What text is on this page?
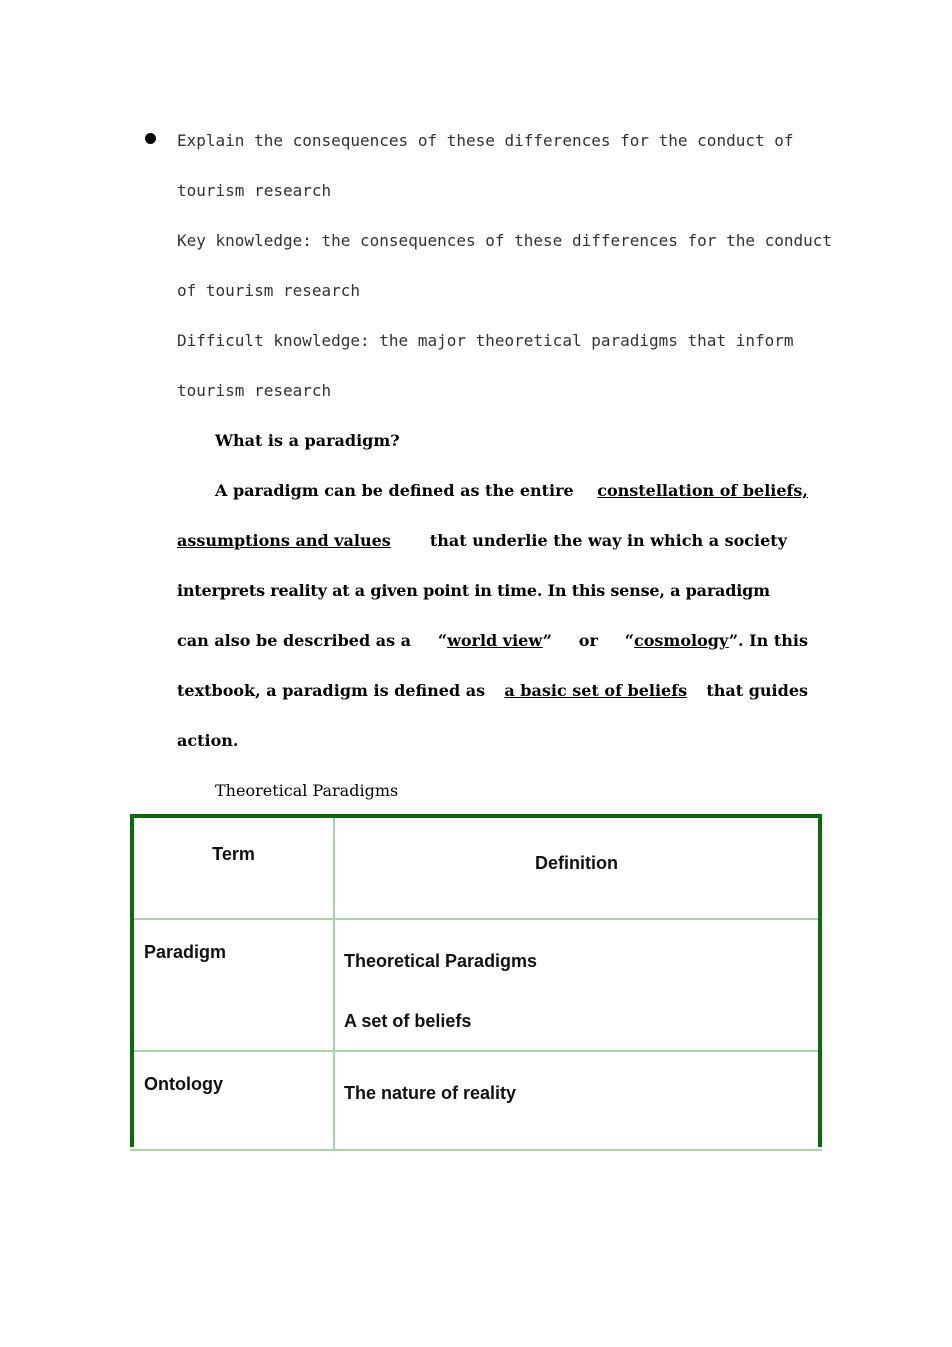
Explain the consequences of these differences for the conduct of
tourism research
Key knowledge: the consequences of these differences for the conduct
of tourism research
Difficult knowledge: the major theoretical paradigms that inform
tourism research
What is a paradigm?
A paradigm can be defined as the entire constellation of beliefs,
assumptions and values that underlie the way in which a society
interprets reality at a given point in time. In this sense, a paradigm
can also be described as a “world view” or “cosmology”. In this
textbook, a paradigm is defined as a basic set of beliefs that guides
action.
Theoretical Paradigms
Term	Definition
Paradigm	Theoretical Paradigms
A set of beliefs
Ontology	The nature of reality
